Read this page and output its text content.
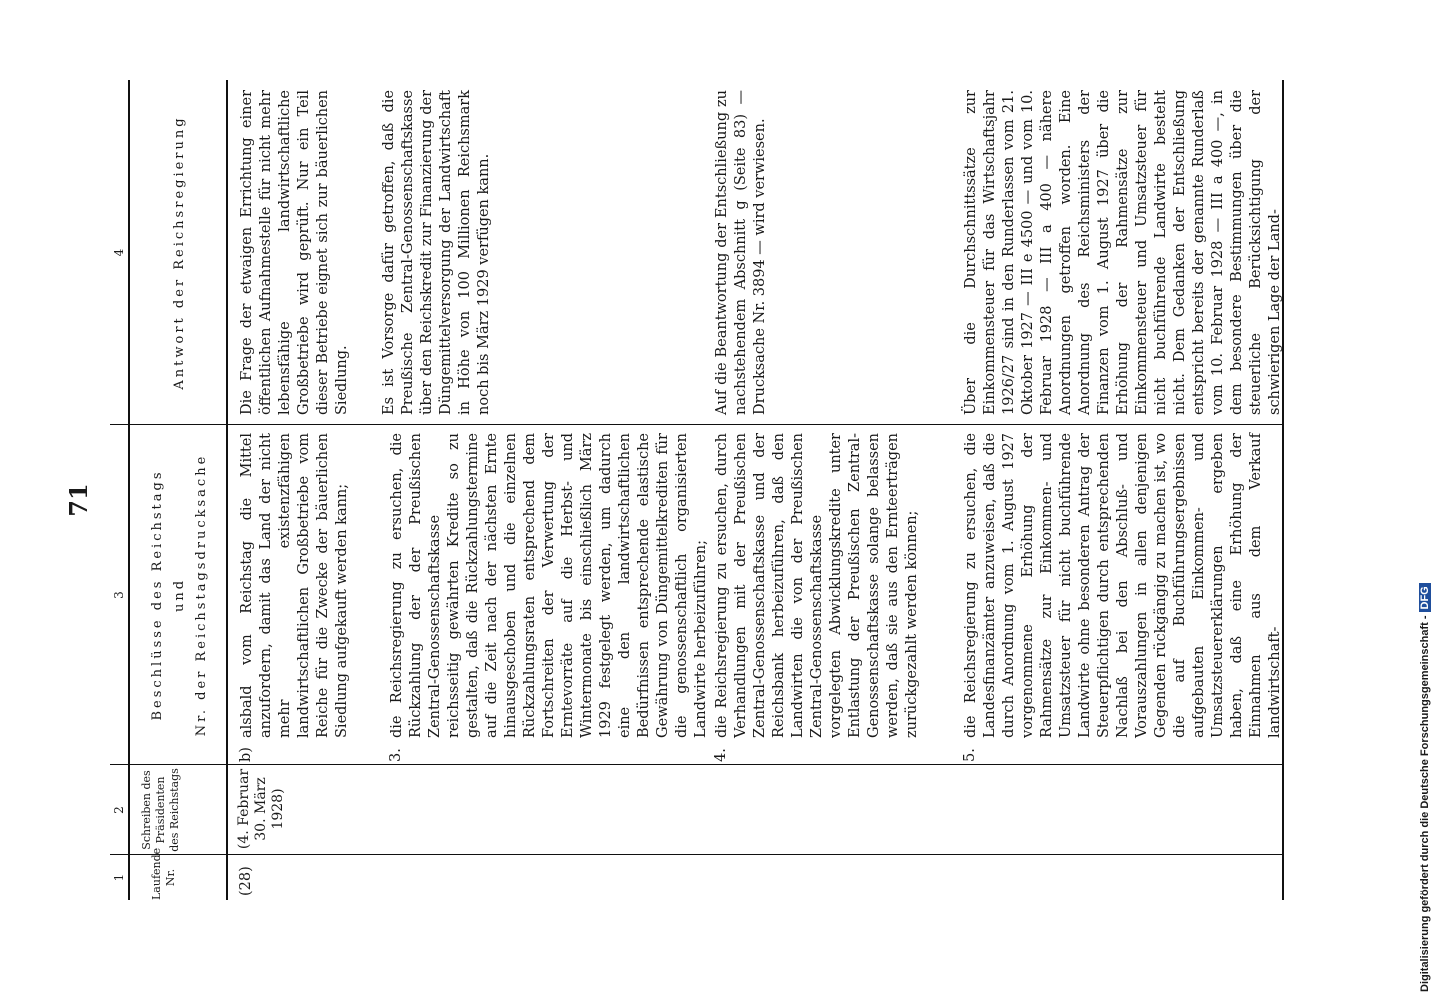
71
1
2
3
4
Laufende Nr.
Schreiben des Präsidenten des Reichstags
Beschlüsse des Reichstags und Nr. der Reichstagsdrucksache
Antwort der Reichsregierung
(28)
(4. Februar 30. März 1928)
b)
alsbald vom Reichstag die Mittel anzufordern, damit das Land der nicht mehr existenzfähigen landwirtschaftlichen Großbetriebe vom Reiche für die Zwecke der bäuerlichen Siedlung aufgekauft werden kann;
3.
die Reichsregierung zu ersuchen, die Rückzahlung der der Preußischen Zentral-Genossenschaftskasse reichsseitig gewährten Kredite so zu gestalten, daß die Rückzahlungstermine auf die Zeit nach der nächsten Ernte hinausgeschoben und die einzelnen Rückzahlungsraten entsprechend dem Fortschreiten der Verwertung der Erntevorräte auf die Herbst- und Wintermonate bis einschließlich März 1929 festgelegt werden, um dadurch eine den landwirtschaftlichen Bedürfnissen entsprechende elastische Gewährung von Düngemittelkrediten für die genossenschaftlich organisierten Landwirte herbeizuführen;
4.
die Reichsregierung zu ersuchen, durch Verhandlungen mit der Preußischen Zentral-Genossenschaftskasse und der Reichsbank herbeizuführen, daß den Landwirten die von der Preußischen Zentral-Genossenschaftskasse vorgelegten Abwicklungskredite unter Entlastung der Preußischen Zentral-Genossenschaftskasse solange belassen werden, daß sie aus den Ernteerträgen zurückgezahlt werden können;
5.
die Reichsregierung zu ersuchen, die Landesfinanzämter anzuweisen, daß die durch Anordnung vom 1. August 1927 vorgenommene Erhöhung der Rahmensätze zur Einkommen- und Umsatzsteuer für nicht buchführende Landwirte ohne besonderen Antrag der Steuerpflichtigen durch entsprechenden Nachlaß bei den Abschluß- und Vorauszahlungen in allen denjenigen Gegenden rückgängig zu machen ist, wo die auf Buchführungsergebnissen aufgebauten Einkommen- und Umsatzsteuererklärungen ergeben haben, daß eine Erhöhung der Einnahmen aus dem Verkauf landwirtschaft-
Die Frage der etwaigen Errichtung einer öffentlichen Aufnahmestelle für nicht mehr lebensfähige landwirtschaftliche Großbetriebe wird geprüft. Nur ein Teil dieser Betriebe eignet sich zur bäuerlichen Siedlung. Es ist Vorsorge dafür getroffen, daß die Preußische Zentral-Genossenschaftskasse über den Reichskredit zur Finanzierung der Düngemittelversorgung der Landwirtschaft in Höhe von 100 Millionen Reichsmark noch bis März 1929 verfügen kann.	Auf die Beantwortung der Entschließung zu nachstehendem Abschnitt g (Seite 83) — Drucksache Nr. 3894 — wird verwiesen.	Über die Durchschnittssätze zur Einkommensteuer für das Wirtschaftsjahr 1926/27 sind in den Runderlassen vom 21. Oktober 1927 — III e 4500 — und vom 10. Februar 1928 — III a 400 — nähere Anordnungen getroffen worden. Eine Anordnung des Reichsministers der Finanzen vom 1. August 1927 über die Erhöhung der Rahmensätze zur Einkommensteuer und Umsatzsteuer für nicht buchführende Landwirte besteht nicht. Dem Gedanken der Entschließung entspricht bereits der genannte Runderlaß vom 10. Februar 1928 — III a 400 —, in dem besondere Bestimmungen über die steuerliche Berücksichtigung der schwierigen Lage der Land-
Digitalisierung gefördert durch die Deutsche Forschungsgemeinschaft -DFG
